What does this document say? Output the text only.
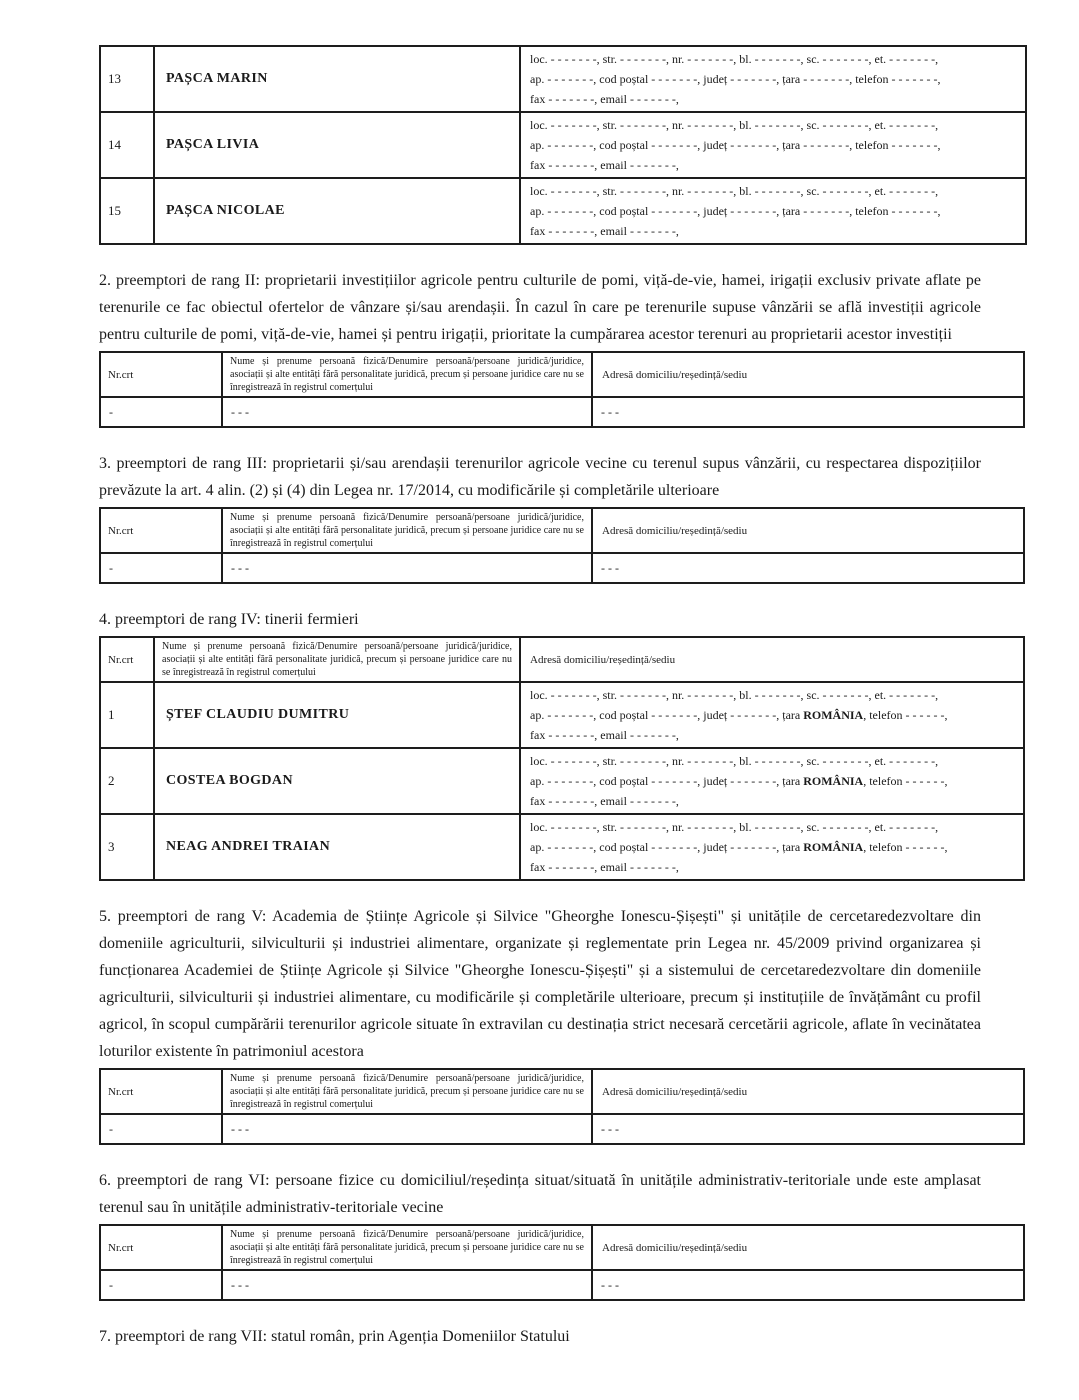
13	PAȘCA MARIN	loc. - - - - - - -, str. - - - - - - -, nr. - - - - - - -, bl. - - - - - - -, sc. - - - - - - -, et. - - - - - - -,
ap. - - - - - - -, cod poștal - - - - - - -, județ - - - - - - -, țara - - - - - - -, telefon - - - - - - -,
fax - - - - - - -, email - - - - - - -,
14	PAȘCA LIVIA	loc. - - - - - - -, str. - - - - - - -, nr. - - - - - - -, bl. - - - - - - -, sc. - - - - - - -, et. - - - - - - -,
ap. - - - - - - -, cod poștal - - - - - - -, județ - - - - - - -, țara - - - - - - -, telefon - - - - - - -,
fax - - - - - - -, email - - - - - - -,
15	PAȘCA NICOLAE	loc. - - - - - - -, str. - - - - - - -, nr. - - - - - - -, bl. - - - - - - -, sc. - - - - - - -, et. - - - - - - -,
ap. - - - - - - -, cod poștal - - - - - - -, județ - - - - - - -, țara - - - - - - -, telefon - - - - - - -,
fax - - - - - - -, email - - - - - - -,

2. preemptori de rang II: proprietarii investițiilor agricole pentru culturile de pomi, viță-de-vie, hamei, irigații exclusiv private aflate pe terenurile ce fac obiectul ofertelor de vânzare și/sau arendașii. În cazul în care pe terenurile supuse vânzării se află investiții agricole pentru culturile de pomi, viță-de-vie, hamei și pentru irigații, prioritate la cumpărarea acestor terenuri au proprietarii acestor investiții

Nr.crt	Nume și prenume persoană fizică/Denumire persoană/persoane juridică/juridice, asociații și alte entități fără personalitate juridică, precum și persoane juridice care nu se înregistrează în registrul comerțului	Adresă domiciliu/reședință/sediu
-	- - -	- - -

3. preemptori de rang III: proprietarii și/sau arendașii terenurilor agricole vecine cu terenul supus vânzării, cu respectarea dispozițiilor prevăzute la art. 4 alin. (2) și (4) din Legea nr. 17/2014, cu modificările și completările ulterioare

Nr.crt	Nume și prenume persoană fizică/Denumire persoană/persoane juridică/juridice, asociații și alte entități fără personalitate juridică, precum și persoane juridice care nu se înregistrează în registrul comerțului	Adresă domiciliu/reședință/sediu
-	- - -	- - -

4. preemptori de rang IV: tinerii fermieri

Nr.crt	Nume și prenume persoană fizică/Denumire persoană/persoane juridică/juridice, asociații și alte entități fără personalitate juridică, precum și persoane juridice care nu se înregistrează în registrul comerțului	Adresă domiciliu/reședință/sediu
1	ȘTEF CLAUDIU DUMITRU	loc. - - - - - - -, str. - - - - - - -, nr. - - - - - - -, bl. - - - - - - -, sc. - - - - - - -, et. - - - - - - -,
ap. - - - - - - -, cod poștal - - - - - - -, județ - - - - - - -, țara ROMÂNIA, telefon - - - - - -,
fax - - - - - - -, email - - - - - - -,
2	COSTEA BOGDAN	loc. - - - - - - -, str. - - - - - - -, nr. - - - - - - -, bl. - - - - - - -, sc. - - - - - - -, et. - - - - - - -,
ap. - - - - - - -, cod poștal - - - - - - -, județ - - - - - - -, țara ROMÂNIA, telefon - - - - - -,
fax - - - - - - -, email - - - - - - -,
3	NEAG ANDREI TRAIAN	loc. - - - - - - -, str. - - - - - - -, nr. - - - - - - -, bl. - - - - - - -, sc. - - - - - - -, et. - - - - - - -,
ap. - - - - - - -, cod poștal - - - - - - -, județ - - - - - - -, țara ROMÂNIA, telefon - - - - - -,
fax - - - - - - -, email - - - - - - -,

5. preemptori de rang V: Academia de Științe Agricole și Silvice "Gheorghe Ionescu-Șișești" și unitățile de cercetaredezvoltare din domeniile agriculturii, silviculturii și industriei alimentare, organizate și reglementate prin Legea nr. 45/2009 privind organizarea și funcționarea Academiei de Științe Agricole și Silvice "Gheorghe Ionescu-Șișești" și a sistemului de cercetaredezvoltare din domeniile agriculturii, silviculturii și industriei alimentare, cu modificările și completările ulterioare, precum și instituțiile de învățământ cu profil agricol, în scopul cumpărării terenurilor agricole situate în extravilan cu destinația strict necesară cercetării agricole, aflate în vecinătatea loturilor existente în patrimoniul acestora

Nr.crt	Nume și prenume persoană fizică/Denumire persoană/persoane juridică/juridice, asociații și alte entități fără personalitate juridică, precum și persoane juridice care nu se înregistrează în registrul comerțului	Adresă domiciliu/reședință/sediu
-	- - -	- - -

6. preemptori de rang VI: persoane fizice cu domiciliul/reședința situat/situată în unitățile administrativ-teritoriale unde este amplasat terenul sau în unitățile administrativ-teritoriale vecine

Nr.crt	Nume și prenume persoană fizică/Denumire persoană/persoane juridică/juridice, asociații și alte entități fără personalitate juridică, precum și persoane juridice care nu se înregistrează în registrul comerțului	Adresă domiciliu/reședință/sediu
-	- - -	- - -

7. preemptori de rang VII: statul român, prin Agenția Domeniilor Statului
